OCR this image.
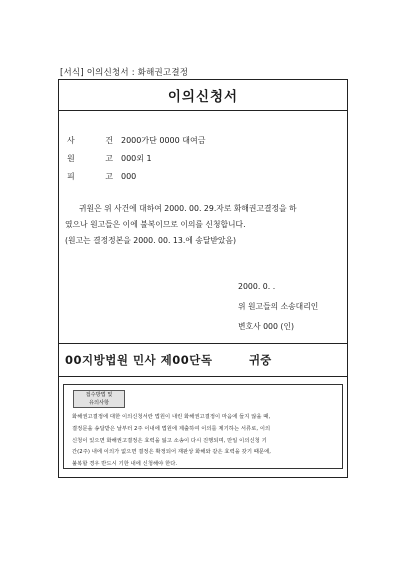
[서식] 이의신청서 : 화해권고결정
이의신청서
사	건 2000가단 0000 대여금
원	고 000외 1
피	고 000
귀원은 위 사건에 대하여 2000. 00. 29.자로 화해권고결정을 하
였으나 원고들은 이에 불복이므로 이의를 신청합니다.
(원고는 결정정본을 2000. 00. 13.에 송달받았음)
2000. 0. .
위 원고들의 소송대리인
변호사 000 (인)
00지방법원 민사 제00단독	귀중
접수방법 및
유의사항
화해권고결정에 대한 이의신청서란 법원이 내린 화해권고결정이 마음에 들지 않을 때,
결정문을 송달받은 날부터 2주 이내에 법원에 제출하여 이의를 제기하는 서류로, 이의
신청이 있으면 화해권고결정은 효력을 잃고 소송이 다시 진행되며, 만일 이의신청 기
간(2주) 내에 이의가 없으면 결정은 확정되어 재판상 화해와 같은 효력을 갖기 때문에,
불복할 경우 반드시 기한 내에 신청해야 한다.
